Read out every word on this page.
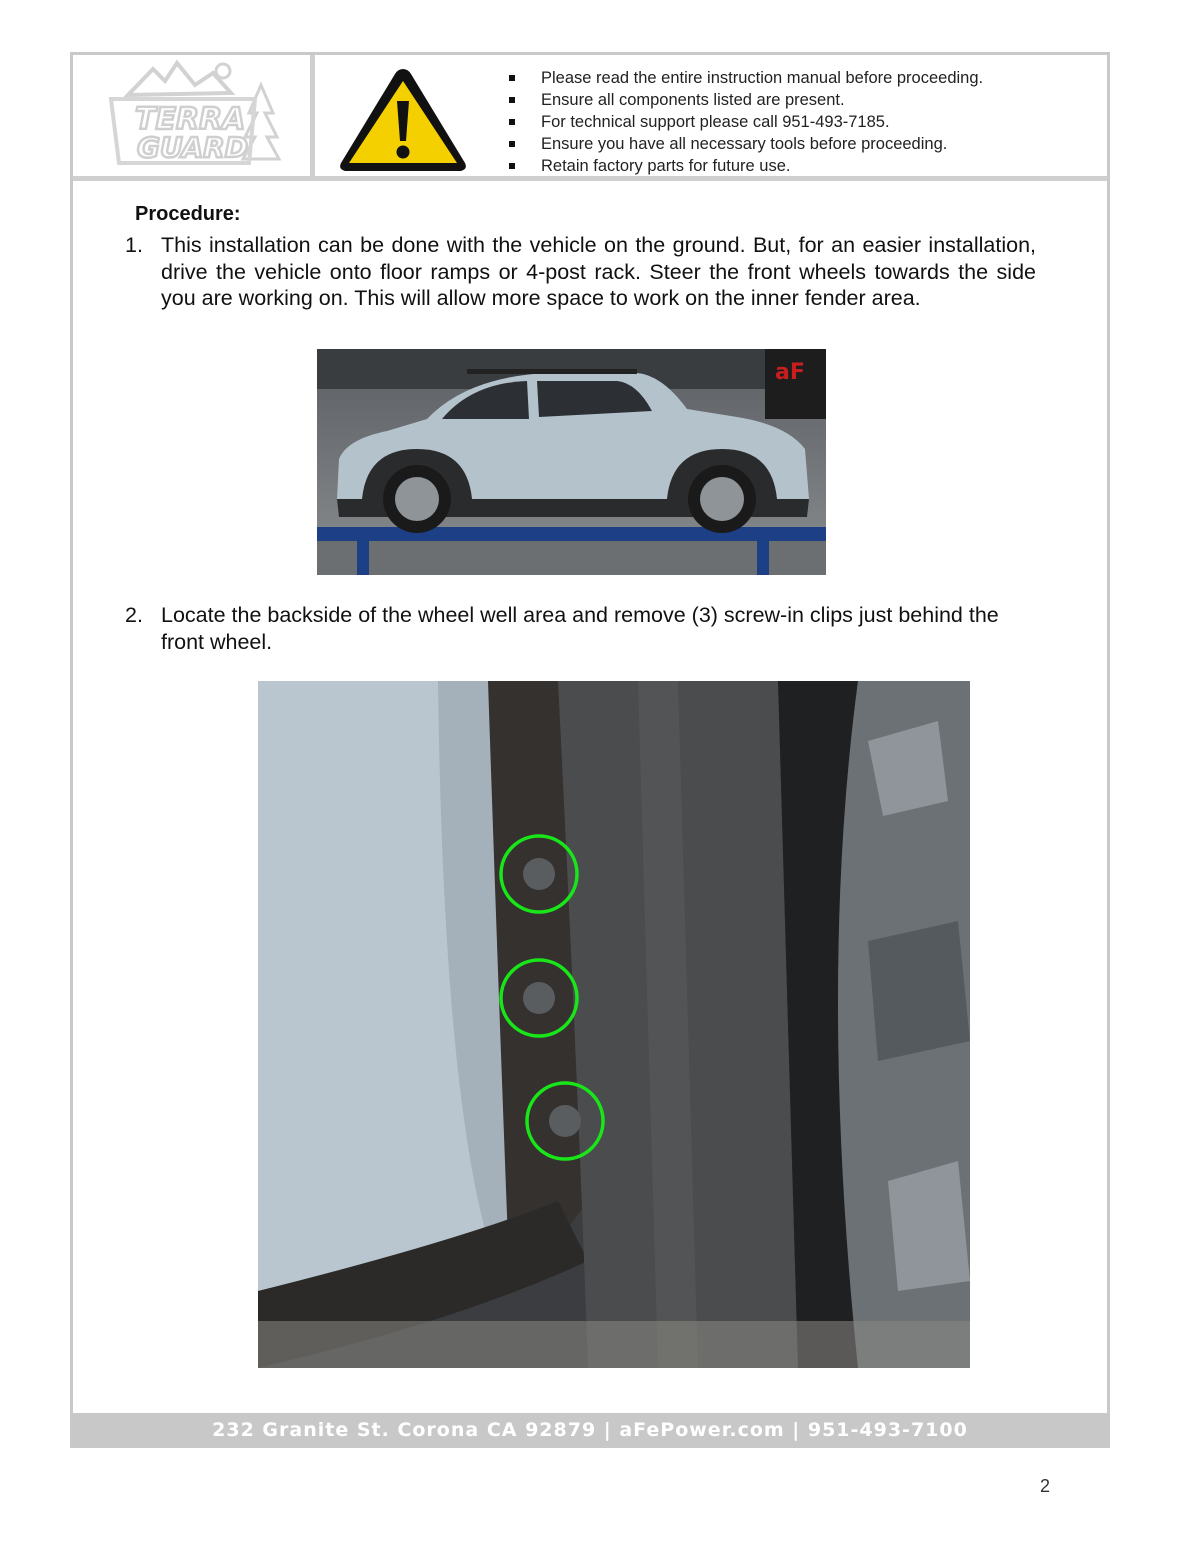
TERRA
GUARD
Please read the entire instruction manual before proceeding.
Ensure all components listed are present.
For technical support please call 951-493-7185.
Ensure you have all necessary tools before proceeding.
Retain factory parts for future use.
Procedure:
1. This installation can be done with the vehicle on the ground. But, for an easier installation, drive the vehicle onto floor ramps or 4-post rack. Steer the front wheels towards the side you are working on. This will allow more space to work on the inner fender area.
aF
2. Locate the backside of the wheel well area and remove (3) screw-in clips just behind the front wheel.
232 Granite St. Corona CA 92879 | aFePower.com | 951-493-7100
2
